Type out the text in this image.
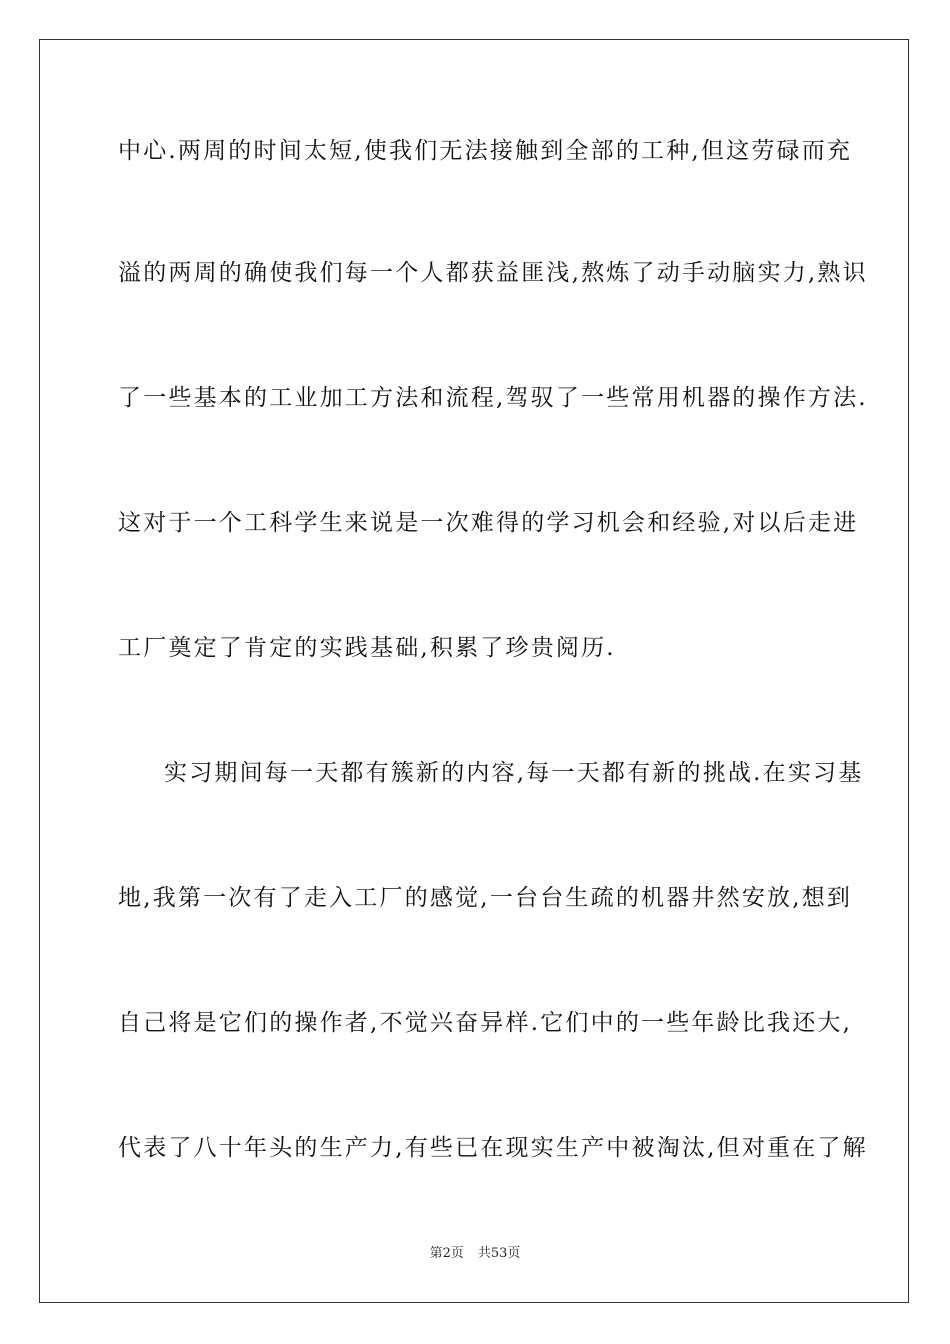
中心.两周的时间太短,使我们无法接触到全部的工种,但这劳碌而充
溢的两周的确使我们每一个人都获益匪浅,熬炼了动手动脑实力,熟识
了一些基本的工业加工方法和流程,驾驭了一些常用机器的操作方法.
这对于一个工科学生来说是一次难得的学习机会和经验,对以后走进
工厂奠定了肯定的实践基础,积累了珍贵阅历.
实习期间每一天都有簇新的内容,每一天都有新的挑战.在实习基
地,我第一次有了走入工厂的感觉,一台台生疏的机器井然安放,想到
自己将是它们的操作者,不觉兴奋异样.它们中的一些年龄比我还大,
代表了八十年头的生产力,有些已在现实生产中被淘汰,但对重在了解
第2页 共53页
